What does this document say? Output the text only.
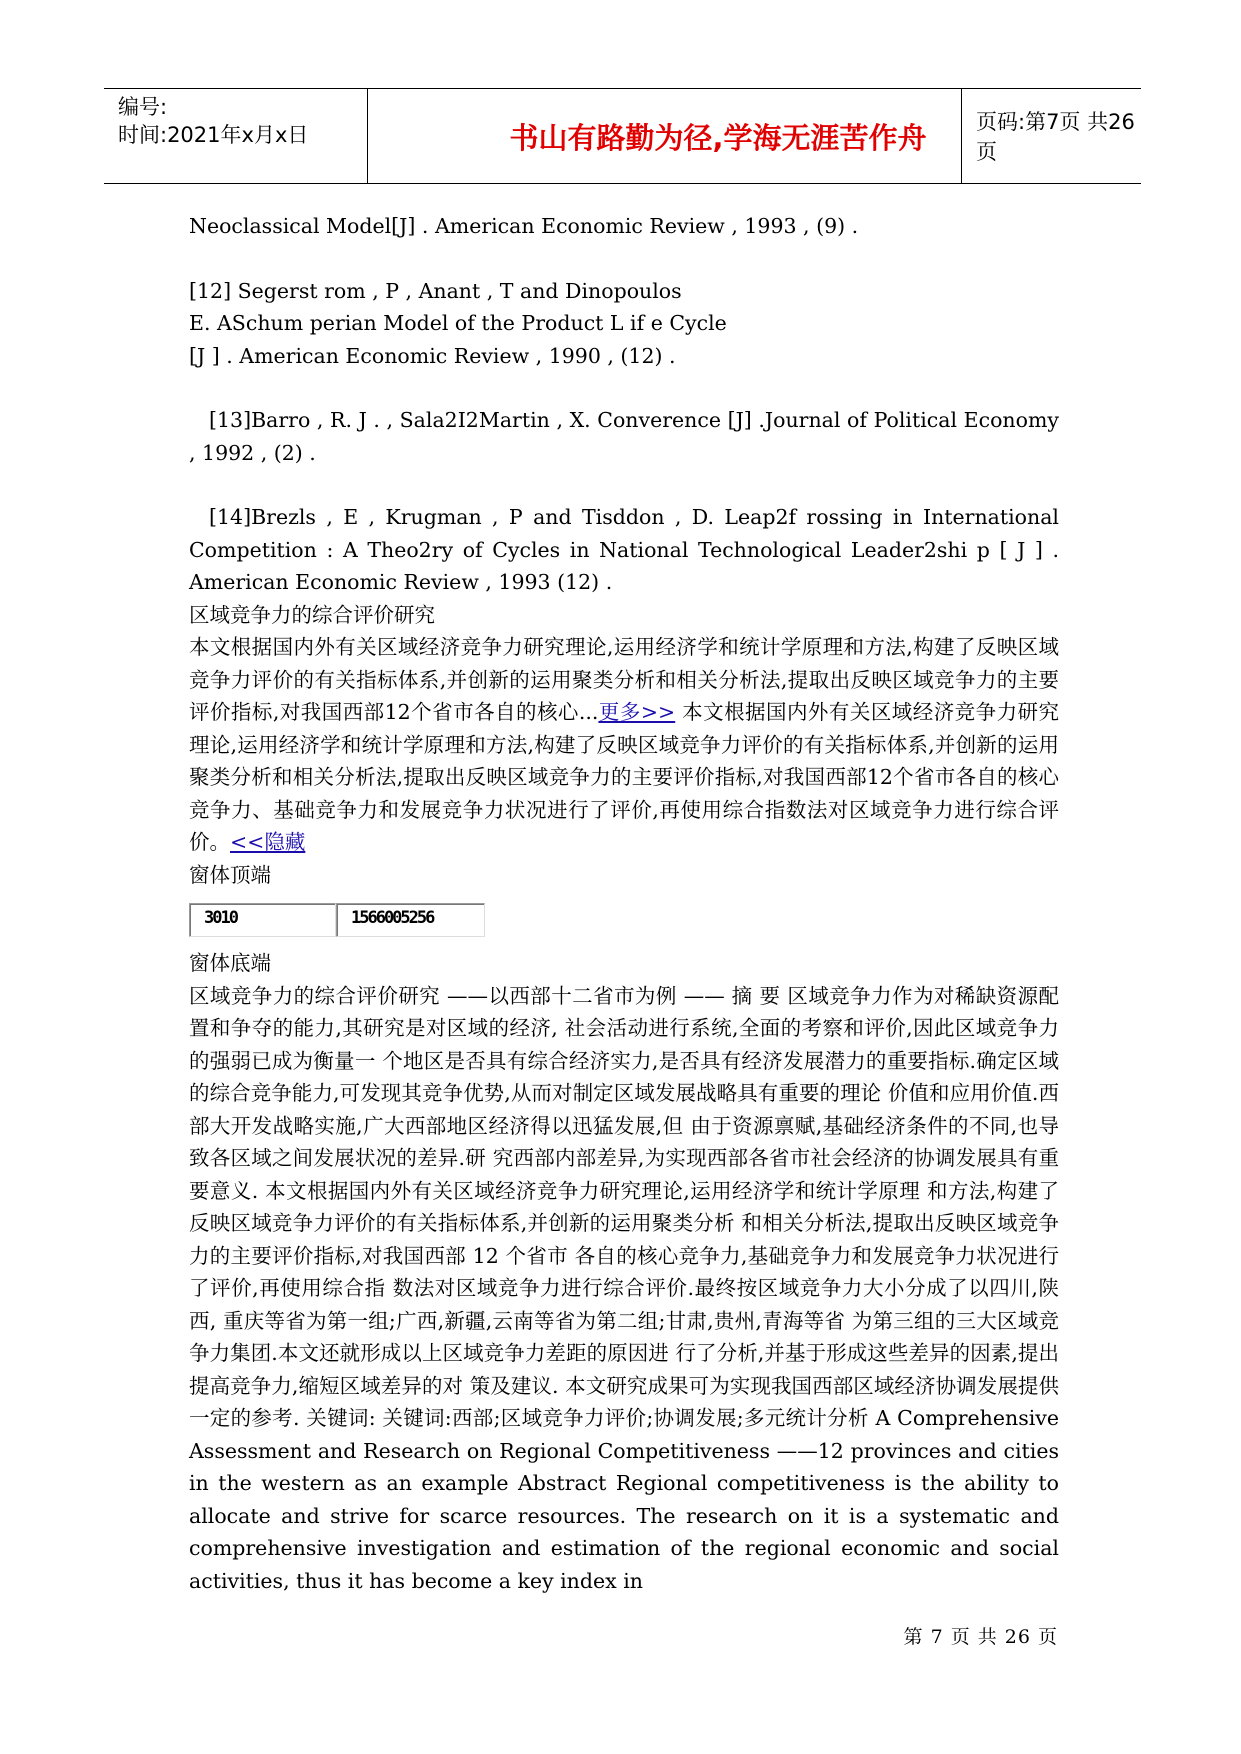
编号:
时间:2021年x月x日	书山有路勤为径,学海无涯苦作舟	页码:第7页 共26页

Neoclassical Model[J] . American Economic Review , 1993 , (9) .

[12] Segerst rom , P , Anant , T and Dinopoulos

E. ASchum perian Model of the Product L if e Cycle

[J ] . American Economic Review , 1990 , (12) .

[13]Barro , R. J . , Sala2I2Martin , X. Converence [J] .Journal of Political Economy , 1992 , (2) .

[14]Brezls , E , Krugman , P and Tisddon , D. Leap2f rossing in International Competition : A Theo2ry of Cycles in National Technological Leader2shi p [ J ] . American Economic Review , 1993 (12) .

区域竞争力的综合评价研究

本文根据国内外有关区域经济竞争力研究理论,运用经济学和统计学原理和方法,构建了反映区域竞争力评价的有关指标体系,并创新的运用聚类分析和相关分析法,提取出反映区域竞争力的主要评价指标,对我国西部12个省市各自的核心...更多>> 本文根据国内外有关区域经济竞争力研究理论,运用经济学和统计学原理和方法,构建了反映区域竞争力评价的有关指标体系,并创新的运用聚类分析和相关分析法,提取出反映区域竞争力的主要评价指标,对我国西部12个省市各自的核心竞争力、基础竞争力和发展竞争力状况进行了评价,再使用综合指数法对区域竞争力进行综合评价。<<隐藏

窗体顶端

3010	1566005256

窗体底端

区域竞争力的综合评价研究 ——以西部十二省市为例 —— 摘 要 区域竞争力作为对稀缺资源配置和争夺的能力,其研究是对区域的经济, 社会活动进行系统,全面的考察和评价,因此区域竞争力的强弱已成为衡量一 个地区是否具有综合经济实力,是否具有经济发展潜力的重要指标.确定区域 的综合竞争能力,可发现其竞争优势,从而对制定区域发展战略具有重要的理论 价值和应用价值.西部大开发战略实施,广大西部地区经济得以迅猛发展,但 由于资源禀赋,基础经济条件的不同,也导致各区域之间发展状况的差异.研 究西部内部差异,为实现西部各省市社会经济的协调发展具有重要意义. 本文根据国内外有关区域经济竞争力研究理论,运用经济学和统计学原理 和方法,构建了反映区域竞争力评价的有关指标体系,并创新的运用聚类分析 和相关分析法,提取出反映区域竞争力的主要评价指标,对我国西部 12 个省市 各自的核心竞争力,基础竞争力和发展竞争力状况进行了评价,再使用综合指 数法对区域竞争力进行综合评价.最终按区域竞争力大小分成了以四川,陕西, 重庆等省为第一组;广西,新疆,云南等省为第二组;甘肃,贵州,青海等省 为第三组的三大区域竞争力集团.本文还就形成以上区域竞争力差距的原因进 行了分析,并基于形成这些差异的因素,提出提高竞争力,缩短区域差异的对 策及建议. 本文研究成果可为实现我国西部区域经济协调发展提供一定的参考. 关键词: 关键词:西部;区域竞争力评价;协调发展;多元统计分析 A Comprehensive Assessment and Research on Regional Competitiveness ——12 provinces and cities in the western as an example Abstract Regional competitiveness is the ability to allocate and strive for scarce resources. The research on it is a systematic and comprehensive investigation and estimation of the regional economic and social activities, thus it has become a key index in

第 7 页 共 26 页
